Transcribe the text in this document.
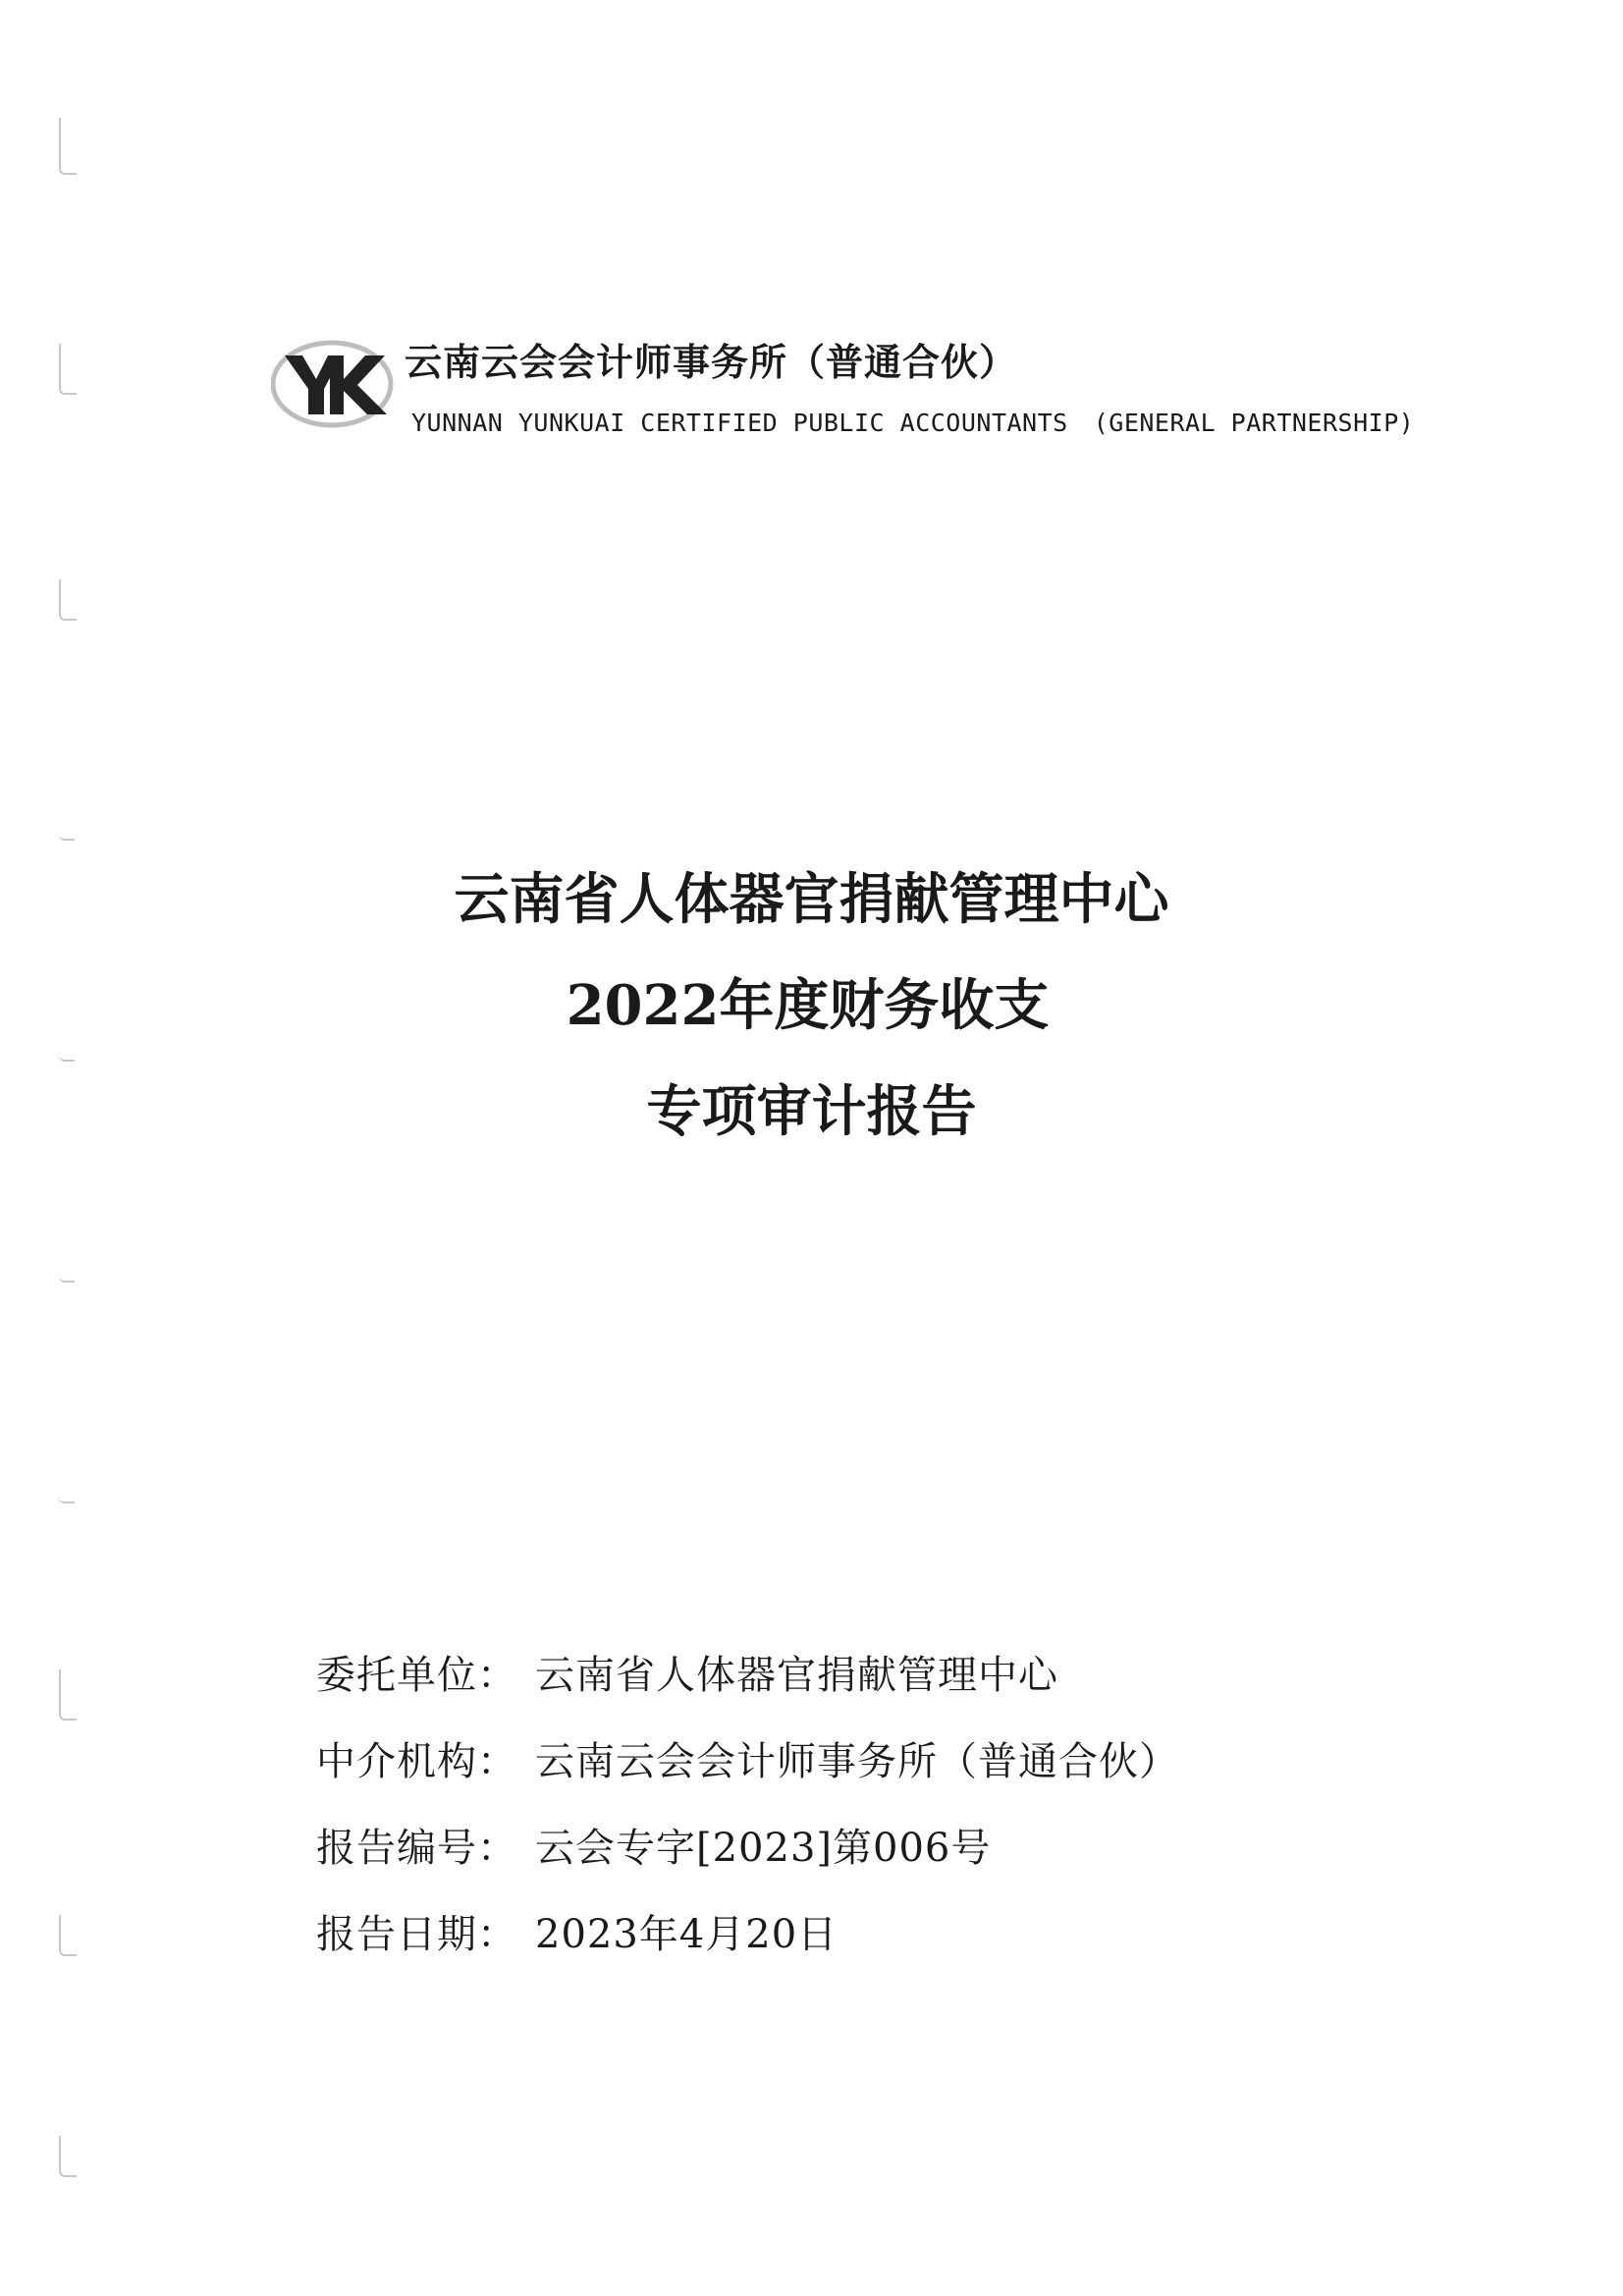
云南云会会计师事务所（普通合伙）
YUNNAN YUNKUAI CERTIFIED PUBLIC ACCOUNTANTS (GENERAL PARTNERSHIP)
云南省人体器官捐献管理中心
2022年度财务收支
专项审计报告
委托单位： 云南省人体器官捐献管理中心
中介机构： 云南云会会计师事务所（普通合伙）
报告编号： 云会专字[2023]第006号
报告日期： 2023年4月20日
